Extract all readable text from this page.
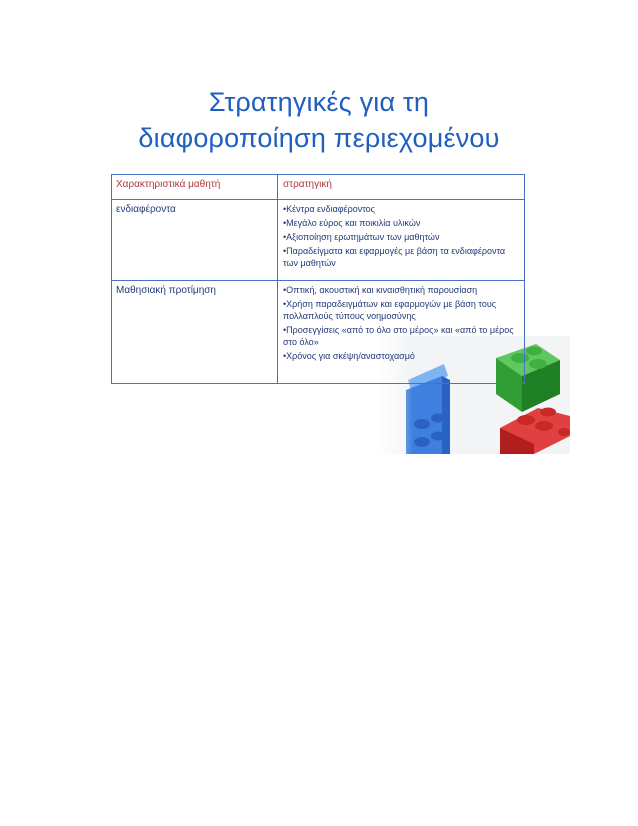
Στρατηγικές για τη
διαφοροποίηση περιεχομένου
Χαρακτηριστικά μαθητή	στρατηγική
ενδιαφέροντα	•Κέντρα ενδιαφέροντος
•Μεγάλο εύρος και ποικιλία υλικών
•Αξιοποίηση ερωτημάτων των μαθητών
•Παραδείγματα και εφαρμογές με βάση τα ενδιαφέροντα των μαθητών
Μαθησιακή προτίμηση	•Οπτική, ακουστική και κιναισθητική παρουσίαση
•Χρήση παραδειγμάτων και εφαρμογών με βάση τους πολλαπλούς τύπους νοημοσύνης
•Προσεγγίσεις «από το όλο στο μέρος» και «από το μέρος στο όλο»
•Χρόνος για σκέψη/αναστοχασμό
